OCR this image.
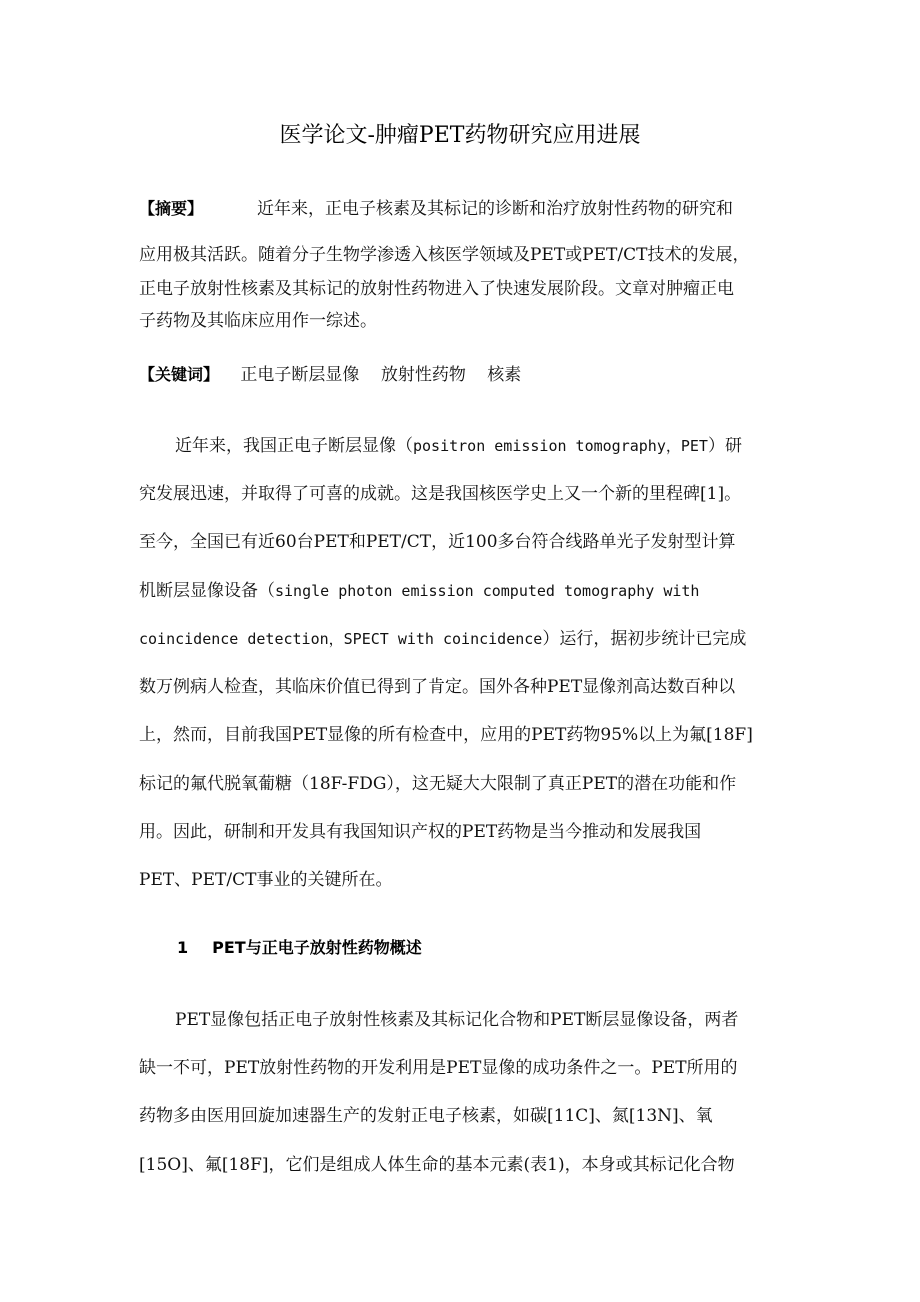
医学论文-肿瘤PET药物研究应用进展
【摘要】	近年来，正电子核素及其标记的诊断和治疗放射性药物的研究和
应用极其活跃。随着分子生物学渗透入核医学领域及PET或PET/CT技术的发展，
正电子放射性核素及其标记的放射性药物进入了快速发展阶段。文章对肿瘤正电
子药物及其临床应用作一综述。
【关键词】 正电子断层显像 放射性药物 核素
近年来，我国正电子断层显像（positron emission tomography，PET）研
究发展迅速，并取得了可喜的成就。这是我国核医学史上又一个新的里程碑[1]。
至今，全国已有近60台PET和PET/CT，近100多台符合线路单光子发射型计算
机断层显像设备（single photon emission computed tomography with
coincidence detection，SPECT with coincidence）运行，据初步统计已完成
数万例病人检查，其临床价值已得到了肯定。国外各种PET显像剂高达数百种以
上，然而，目前我国PET显像的所有检查中，应用的PET药物95%以上为氟[18F]
标记的氟代脱氧葡糖（18F-FDG），这无疑大大限制了真正PET的潜在功能和作
用。因此，研制和开发具有我国知识产权的PET药物是当今推动和发展我国
PET、PET/CT事业的关键所在。
1 PET与正电子放射性药物概述
PET显像包括正电子放射性核素及其标记化合物和PET断层显像设备，两者
缺一不可，PET放射性药物的开发利用是PET显像的成功条件之一。PET所用的
药物多由医用回旋加速器生产的发射正电子核素，如碳[11C]、氮[13N]、氧
[15O]、氟[18F]，它们是组成人体生命的基本元素(表1)，本身或其标记化合物
